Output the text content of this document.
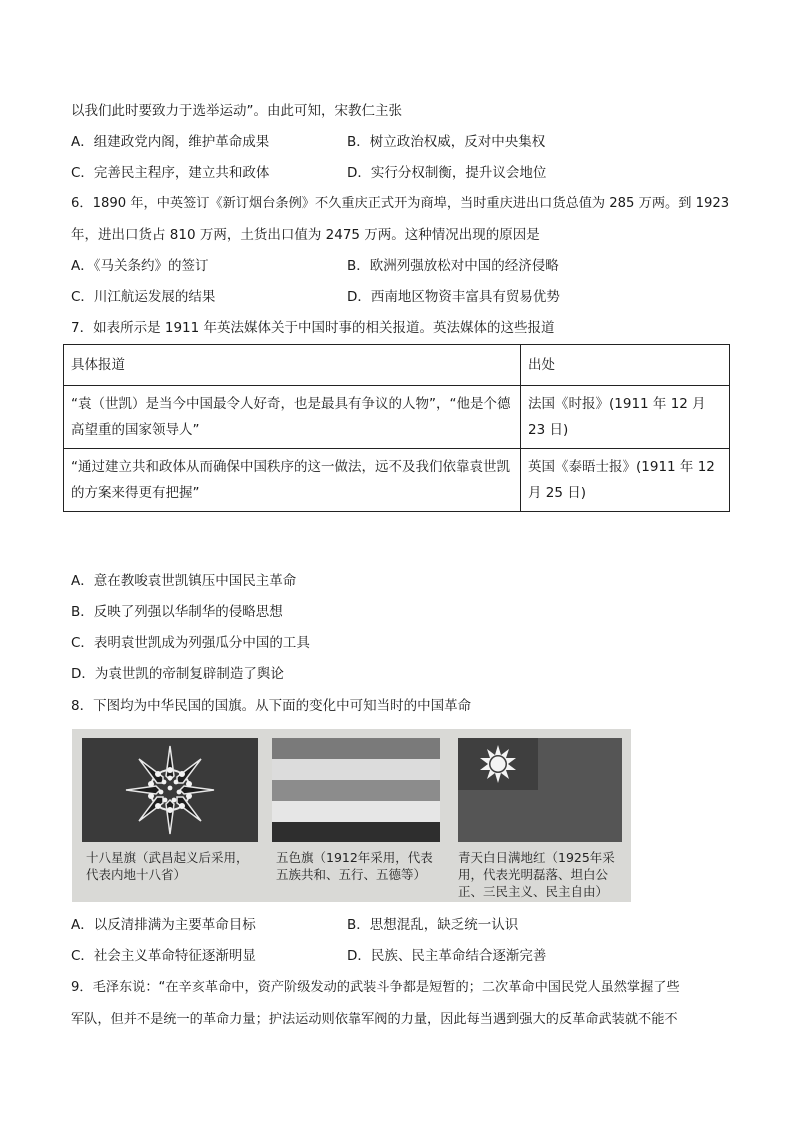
以我们此时要致力于选举运动”。由此可知，宋教仁主张
A．组建政党内阁，维护革命成果	B．树立政治权威，反对中央集权
C．完善民主程序，建立共和政体	D．实行分权制衡，提升议会地位
6．1890 年，中英签订《新订烟台条例》不久重庆正式开为商埠，当时重庆进出口货总值为 285 万两。到 1923
年，进出口货占 810 万两，土货出口值为 2475 万两。这种情况出现的原因是
A．《马关条约》的签订	B．欧洲列强放松对中国的经济侵略
C．川江航运发展的结果	D．西南地区物资丰富具有贸易优势
7．如表所示是 1911 年英法媒体关于中国时事的相关报道。英法媒体的这些报道
具体报道	出处
“袁（世凯）是当今中国最令人好奇，也是最具有争议的人物”，“他是个德高望重的国家领导人”	法国《时报》(1911 年 12 月 23 日)
“通过建立共和政体从而确保中国秩序的这一做法，远不及我们依靠袁世凯的方案来得更有把握”	英国《泰晤士报》(1911 年 12 月 25 日)
A．意在教唆袁世凯镇压中国民主革命
B．反映了列强以华制华的侵略思想
C．表明袁世凯成为列强瓜分中国的工具
D．为袁世凯的帝制复辟制造了舆论
8．下图均为中华民国的国旗。从下面的变化中可知当时的中国革命
十八星旗（武昌起义后采用，
代表内地十八省）
五色旗（1912年采用，代表
五族共和、五行、五德等）
青天白日满地红（1925年采
用，代表光明磊落、坦白公
正、三民主义、民主自由）
A．以反清排满为主要革命目标	B．思想混乱，缺乏统一认识
C．社会主义革命特征逐渐明显	D．民族、民主革命结合逐渐完善
9．毛泽东说：“在辛亥革命中，资产阶级发动的武装斗争都是短暂的；二次革命中国民党人虽然掌握了些
军队，但并不是统一的革命力量；护法运动则依靠军阀的力量，因此每当遇到强大的反革命武装就不能不
